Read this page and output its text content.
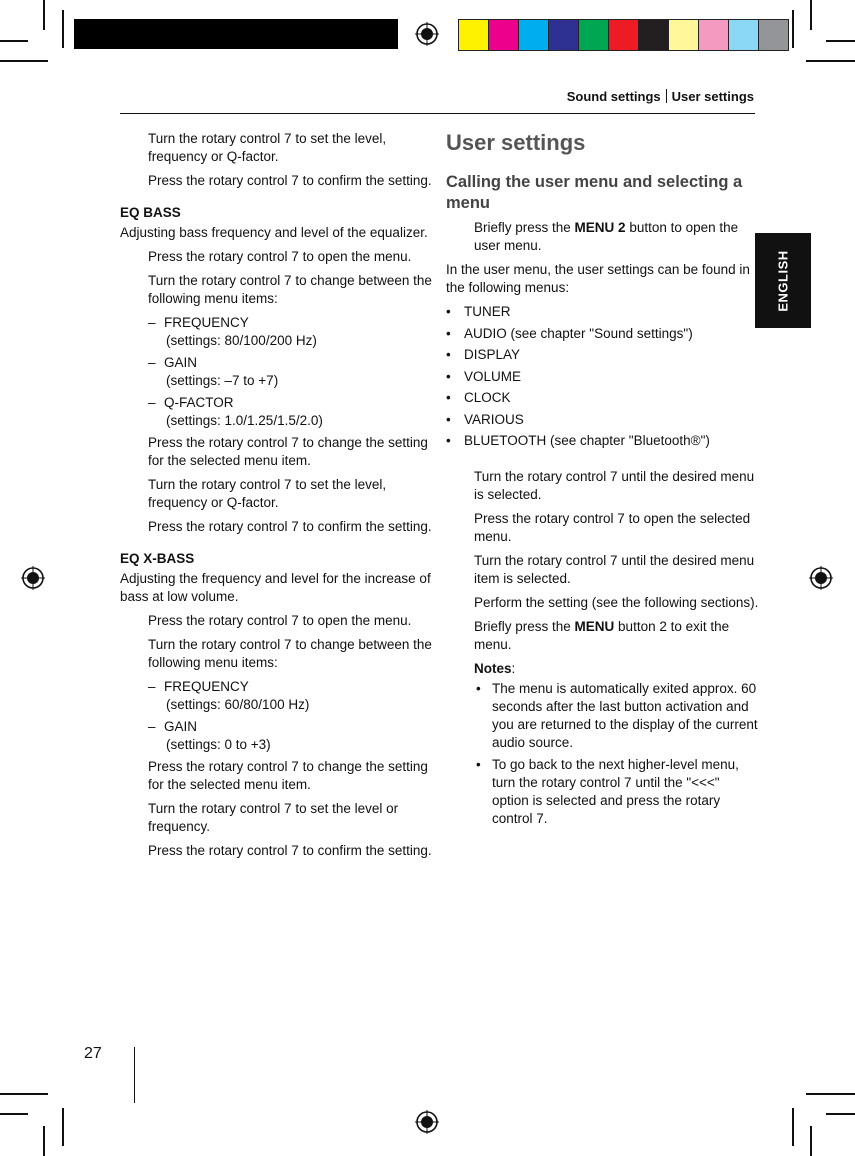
Sound settings User settings
ENGLISH

Turn the rotary control 7 to set the level, frequency or Q-factor.

Press the rotary control 7 to confirm the setting.

EQ BASS

Adjusting bass frequency and level of the equalizer.

Press the rotary control 7 to open the menu.

Turn the rotary control 7 to change between the following menu items:

– FREQUENCY
(settings: 80/100/200 Hz)
– GAIN
(settings: –7 to +7)
– Q-FACTOR
(settings: 1.0/1.25/1.5/2.0)

Press the rotary control 7 to change the setting for the selected menu item.

Turn the rotary control 7 to set the level, frequency or Q-factor.

Press the rotary control 7 to confirm the setting.

EQ X-BASS

Adjusting the frequency and level for the increase of bass at low volume.

Press the rotary control 7 to open the menu.

Turn the rotary control 7 to change between the following menu items:

– FREQUENCY
(settings: 60/80/100 Hz)
– GAIN
(settings: 0 to +3)

Press the rotary control 7 to change the setting for the selected menu item.

Turn the rotary control 7 to set the level or frequency.

Press the rotary control 7 to confirm the setting.

User settings

Calling the user menu and selecting a menu

Briefly press the MENU 2 button to open the user menu.

In the user menu, the user settings can be found in the following menus:

• TUNER
• AUDIO (see chapter "Sound settings")
• DISPLAY
• VOLUME
• CLOCK
• VARIOUS
• BLUETOOTH (see chapter "Bluetooth®")

Turn the rotary control 7 until the desired menu is selected.

Press the rotary control 7 to open the selected menu.

Turn the rotary control 7 until the desired menu item is selected.

Perform the setting (see the following sections).

Briefly press the MENU button 2 to exit the menu.

Notes:

• The menu is automatically exited approx. 60 seconds after the last button activation and you are returned to the display of the current audio source.
• To go back to the next higher-level menu, turn the rotary control 7 until the "<<<" option is selected and press the rotary control 7.
27
